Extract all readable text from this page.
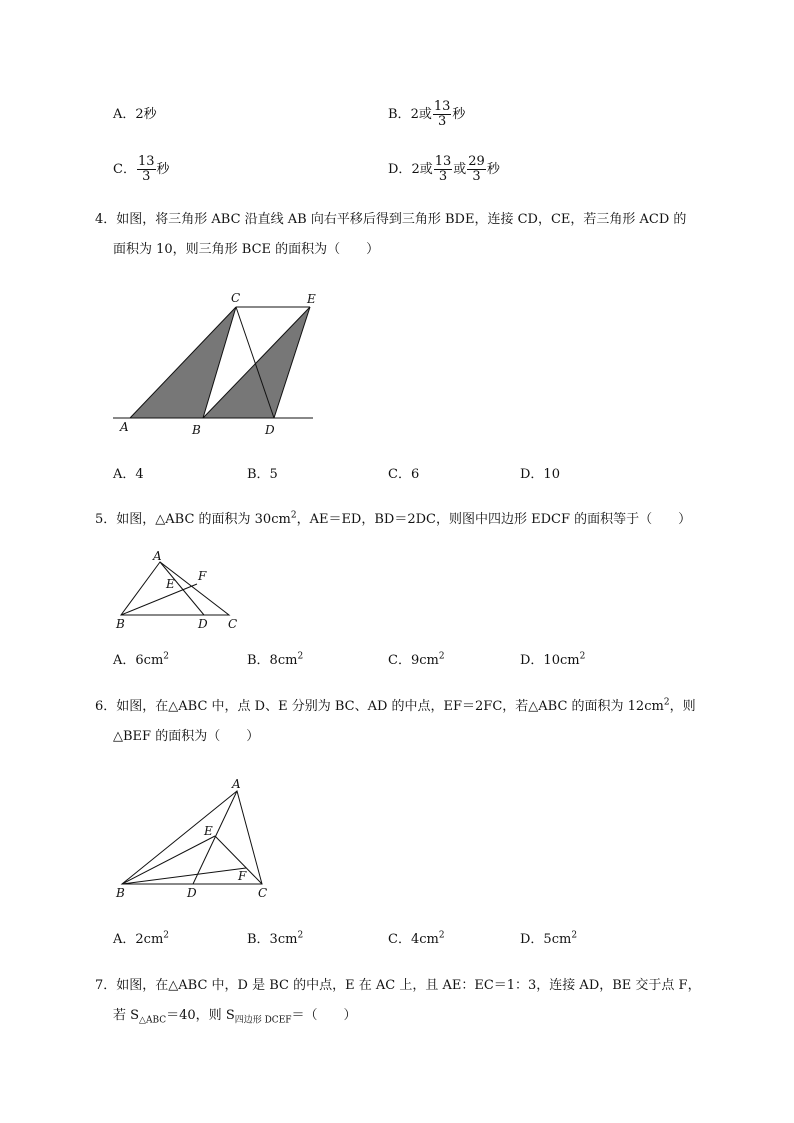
A．2秒	B．2或 $\frac{13}{3}$ 秒
C． $\frac{13}{3}$ 秒	D．2或 $\frac{13}{3}$ 或 $\frac{29}{3}$ 秒
4．如图，将三角形 ABC 沿直线 AB 向右平移后得到三角形 BDE，连接 CD，CE，若三角形 ACD 的
面积为 10，则三角形 BCE 的面积为（　　）
A	B
C
D
E
A．4	B．5	C．6	D．10
5．如图，△ABC 的面积为 $30cm^2$，AE＝ED，BD＝2DC，则图中四边形 EDCF 的面积等于（　　）
A
B	C
D
E
F
A．$6cm^2$	B．$8cm^2$	C．$9cm^2$	D．$10cm^2$
6．如图，在△ABC 中，点 D、E 分别为 BC、AD 的中点，EF＝2FC，若△ABC 的面积为 $12cm^2$，则
△BEF 的面积为（　　）
A
B	C
D
E
F
A．$2cm^2$	B．$3cm^2$	C．$4cm^2$	D．$5cm^2$
7．如图，在△ABC 中，D 是 BC 的中点，E 在 AC 上，且 AE：EC＝1：3，连接 AD，BE 交于点 F，
若 $S_{\triangle ABC}=40$，则 $S_{四边形 DCEF}=$（　　）
